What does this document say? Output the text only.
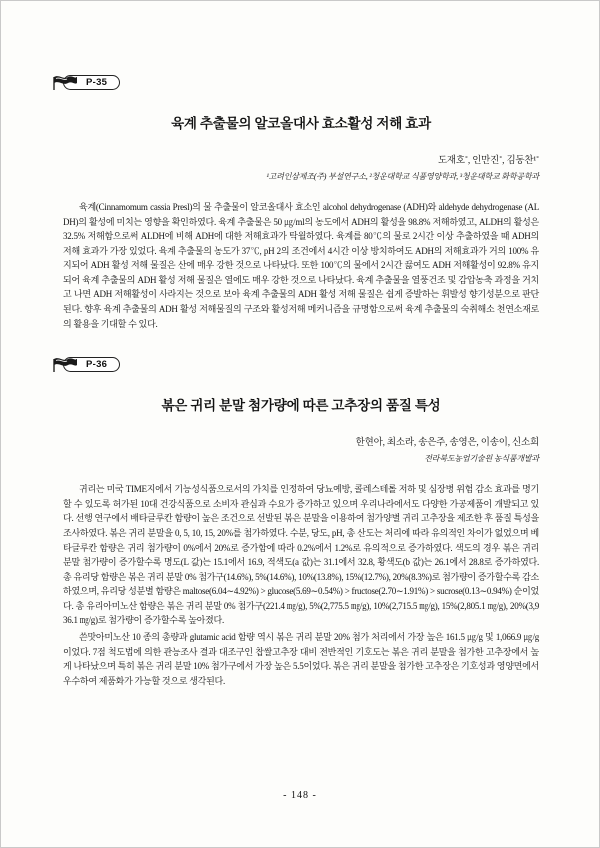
P-35
육계 추출물의 알코올대사 효소활성 저해 효과
도재호˚, 인만진˚, 김동찬¹˚
¹고려인삼제조(주) 부설연구소, ²청운대학교 식품영양학과, ³청운대학교 화학공학과

육계(Cinnamomum cassia Presl)의 물 추출물이 알코올대사 효소인 alcohol dehydrogenase (ADH)와 aldehyde dehydrogenase (ALDH)의 활성에 미치는 영향을 확인하였다. 육계 추출물은 50 ㎍/ml의 농도에서 ADH의 활성을 98.8% 저해하였고, ALDH의 활성은 32.5% 저해함으로써 ALDH에 비해 ADH에 대한 저해효과가 탁월하였다. 육계를 80℃의 물로 2시간 이상 추출하였을 때 ADH의 저해 효과가 가장 있었다. 육계 추출물의 농도가 37℃, pH 2의 조건에서 4시간 이상 방치하여도 ADH의 저해효과가 거의 100% 유지되어 ADH 활성 저해 물질은 산에 매우 강한 것으로 나타났다. 또한 100℃의 물에서 2시간 끓여도 ADH 저해활성이 92.8% 유지되어 육계 추출물의 ADH 활성 저해 물질은 열에도 매우 강한 것으로 나타났다. 육계 추출물을 열풍건조 및 감압농축 과정을 거치고 나면 ADH 저해활성이 사라지는 것으로 보아 육계 추출물의 ADH 활성 저해 물질은 쉽게 증발하는 휘발성 향기성분으로 판단된다. 향후 육계 추출물의 ADH 활성 저해물질의 구조와 활성저해 메커니즘을 규명함으로써 육계 추출물의 숙취해소 천연소재로의 활용을 기대할 수 있다.

P-36
볶은 귀리 분말 첨가량에 따른 고추장의 품질 특성
한현아, 최소라, 송은주, 송영은, 이송이, 신소희
전라북도농업기술원 농식품개발과

귀리는 미국 TIME지에서 기능성식품으로서의 가치를 인정하여 당뇨예방, 콜레스테롤 저하 및 심장병 위험 감소 효과를 명기할 수 있도록 허가된 10대 건강식품으로 소비자 관심과 수요가 증가하고 있으며 우리나라에서도 다양한 가공제품이 개발되고 있다. 선행 연구에서 배타글루칸 함량이 높은 조건으로 선발된 볶은 분말을 이용하여 첨가양별 귀리 고추장을 제조한 후 품질 특성을 조사하였다. 볶은 귀리 분말을 0, 5, 10, 15, 20%를 첨가하였다. 수분, 당도, pH, 총 산도는 처리에 따라 유의적인 차이가 없었으며 베타글루칸 함량은 귀리 첨가량이 0%에서 20%로 증가함에 따라 0.2%에서 1.2%로 유의적으로 증가하였다. 색도의 경우 볶은 귀리 분말 첨가량이 증가할수록 명도(L 값)는 15.1에서 16.9, 적색도(a 값)는 31.1에서 32.8, 황색도(b 값)는 26.1에서 28.8로 증가하였다. 총 유리당 함량은 볶은 귀리 분말 0% 첨가구(14.6%), 5%(14.6%), 10%(13.8%), 15%(12.7%), 20%(8.3%)로 첨가량이 증가할수록 감소하였으며, 유리당 성분별 함량은 maltose(6.04∼4.92%) > glucose(5.69∼0.54%) > fructose(2.70∼1.91%) > sucrose(0.13∼0.94%) 순이었다. 총 유리아미노산 함량은 볶은 귀리 분말 0% 첨가구(221.4 ㎎/g), 5%(2,775.5 ㎎/g), 10%(2,715.5 ㎎/g), 15%(2,805.1 ㎎/g), 20%(3,936.1 ㎎/g)로 첨가량이 증가할수록 높아졌다.

쓴맛아미노산 10 종의 총량과 glutamic acid 함량 역시 볶은 귀리 분말 20% 첨가 처리에서 가장 높은 161.5 ㎍/g 및 1,066.9 ㎍/g이었다. 7점 척도법에 의한 관능조사 결과 대조구인 찹쌀고추장 대비 전반적인 기호도는 볶은 귀리 분말을 첨가한 고추장에서 높게 나타났으며 특히 볶은 귀리 분말 10% 첨가구에서 가장 높은 5.5이었다. 볶은 귀리 분말을 첨가한 고추장은 기호성과 영양면에서 우수하여 제품화가 가능할 것으로 생각된다.

- 148 -
